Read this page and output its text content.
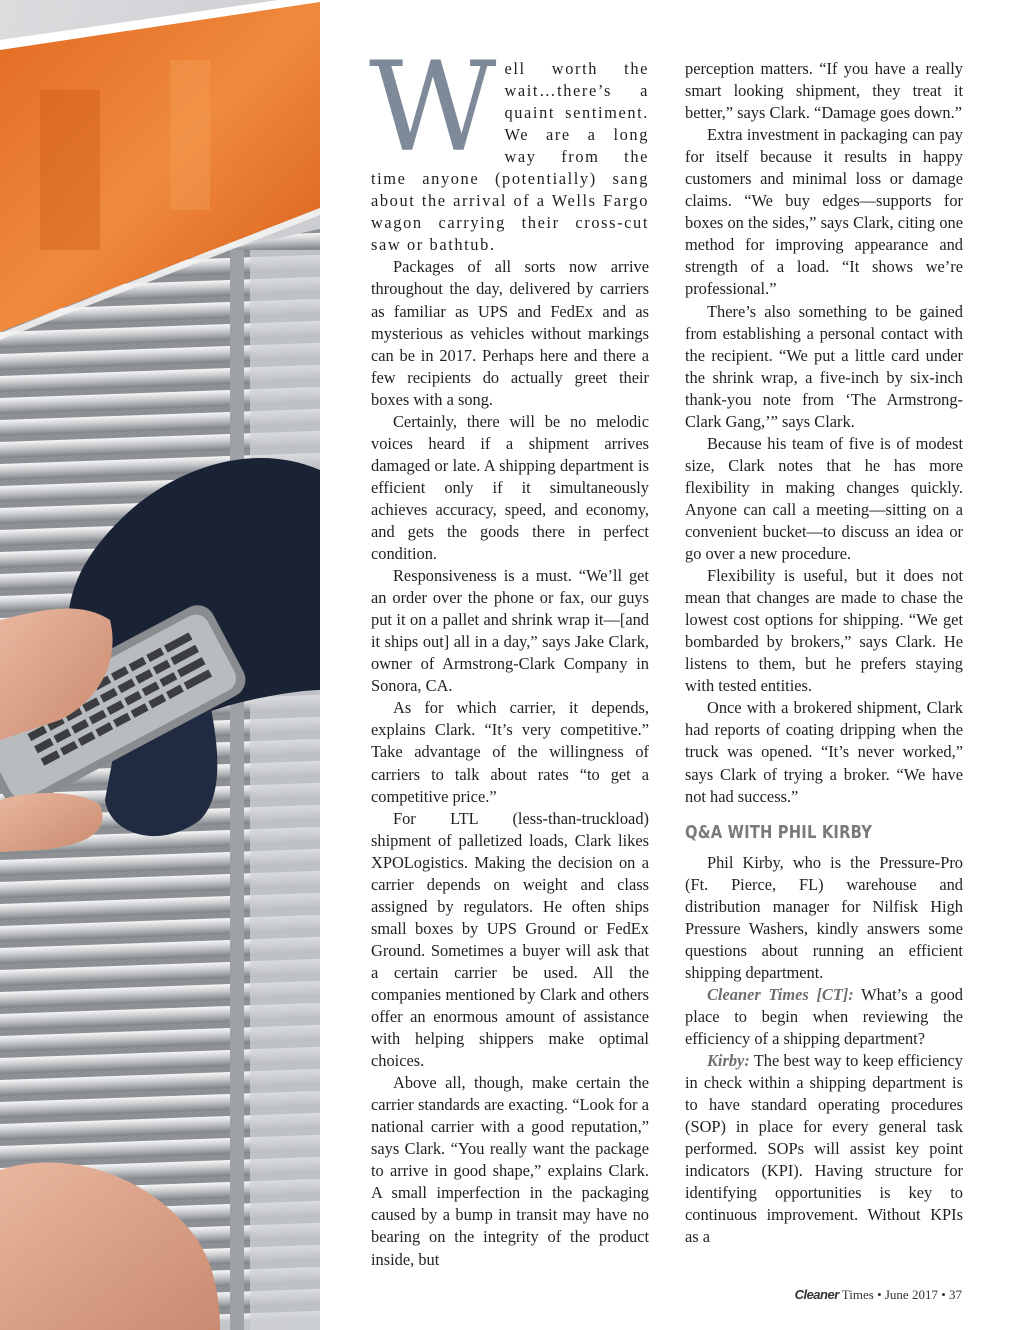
W ell worth the wait…there’s a quaint sentiment. We are a long way from the time anyone (potentially) sang about the arrival of a Wells Fargo wagon carrying their cross-cut saw or bathtub.

Packages of all sorts now arrive throughout the day, delivered by carriers as familiar as UPS and FedEx and as mysterious as vehicles without markings can be in 2017. Perhaps here and there a few recipients do actually greet their boxes with a song.

Certainly, there will be no melodic voices heard if a shipment arrives damaged or late. A shipping department is efficient only if it simultaneously achieves accuracy, speed, and economy, and gets the goods there in perfect condition.

Responsiveness is a must. “We’ll get an order over the phone or fax, our guys put it on a pallet and shrink wrap it—[and it ships out] all in a day,” says Jake Clark, owner of Armstrong-Clark Company in Sonora, CA.

As for which carrier, it depends, explains Clark. “It’s very competitive.” Take advantage of the willingness of carriers to talk about rates “to get a competitive price.”

For LTL (less-than-truckload) shipment of palletized loads, Clark likes XPOLogistics. Making the decision on a carrier depends on weight and class assigned by regulators. He often ships small boxes by UPS Ground or FedEx Ground. Sometimes a buyer will ask that a certain carrier be used. All the companies mentioned by Clark and others offer an enormous amount of assistance with helping shippers make optimal choices.

Above all, though, make certain the carrier standards are exacting. “Look for a national carrier with a good reputation,” says Clark. “You really want the package to arrive in good shape,” explains Clark. A small imperfection in the packaging caused by a bump in transit may have no bearing on the integrity of the product inside, but

perception matters. “If you have a really smart looking shipment, they treat it better,” says Clark. “Damage goes down.”

Extra investment in packaging can pay for itself because it results in happy customers and minimal loss or damage claims. “We buy edges—supports for boxes on the sides,” says Clark, citing one method for improving appearance and strength of a load. “It shows we’re professional.”

There’s also something to be gained from establishing a personal contact with the recipient. “We put a little card under the shrink wrap, a five-inch by six-inch thank-you note from ‘The Armstrong-Clark Gang,’” says Clark.

Because his team of five is of modest size, Clark notes that he has more flexibility in making changes quickly. Anyone can call a meeting—sitting on a convenient bucket—to discuss an idea or go over a new procedure.

Flexibility is useful, but it does not mean that changes are made to chase the lowest cost options for shipping. “We get bombarded by brokers,” says Clark. He listens to them, but he prefers staying with tested entities.

Once with a brokered shipment, Clark had reports of coating dripping when the truck was opened. “It’s never worked,” says Clark of trying a broker. “We have not had success.”

Q&A WITH PHIL KIRBY

Phil Kirby, who is the Pressure-Pro (Ft. Pierce, FL) warehouse and distribution manager for Nilfisk High Pressure Washers, kindly answers some questions about running an efficient shipping department.

Cleaner Times [CT]: What’s a good place to begin when reviewing the efficiency of a shipping department?

Kirby: The best way to keep efficiency in check within a shipping department is to have standard operating procedures (SOP) in place for every general task performed. SOPs will assist key point indicators (KPI). Having structure for identifying opportunities is key to continuous improvement. Without KPIs as a

Cleaner Times • June 2017 • 37
